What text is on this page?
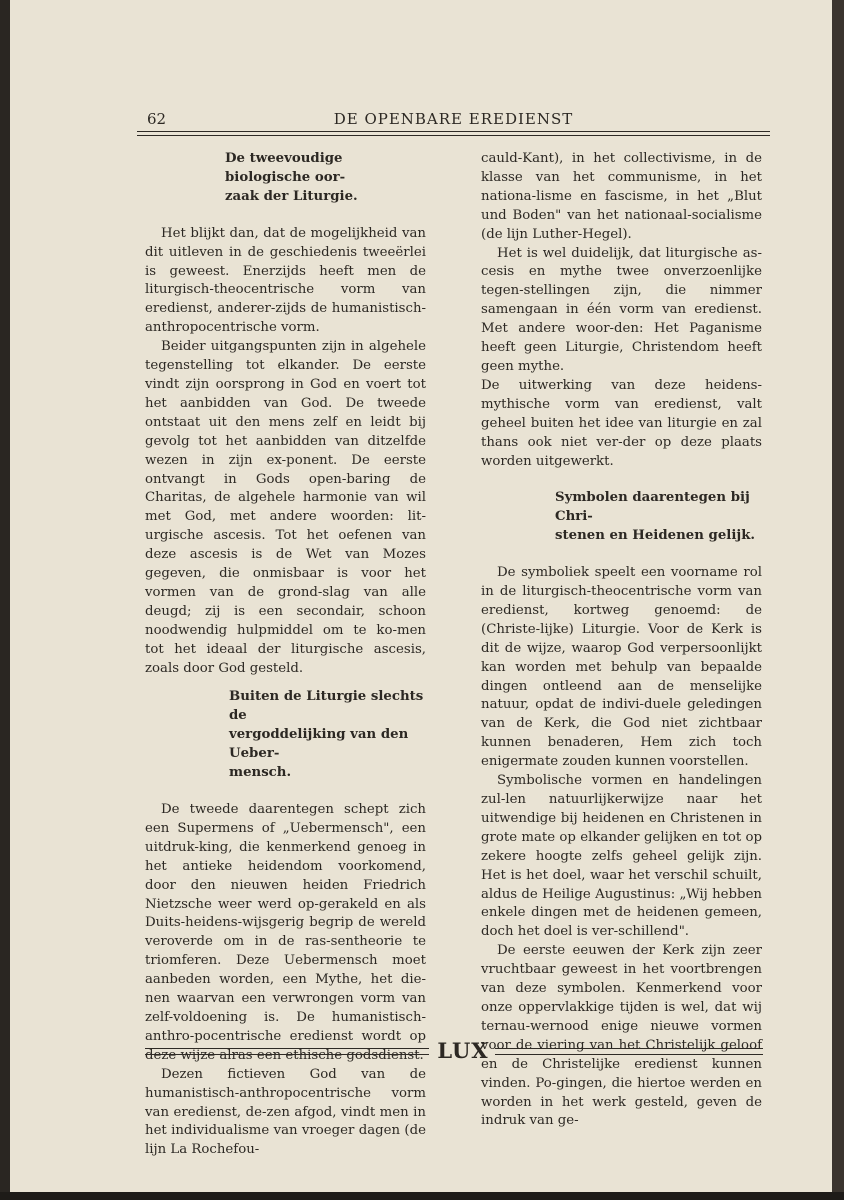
62	DE OPENBARE EREDIENST
De tweevoudige biologische oor-
zaak der Liturgie.

Het blijkt dan, dat de mogelijkheid van dit uitleven in de geschiedenis tweeërlei is geweest. Enerzijds heeft men de liturgisch-theocentrische vorm van eredienst, anderer-zijds de humanistisch-anthropocentrische vorm.

Beider uitgangspunten zijn in algehele tegenstelling tot elkander. De eerste vindt zijn oorsprong in God en voert tot het aanbidden van God. De tweede ontstaat uit den mens zelf en leidt bij gevolg tot het aanbidden van ditzelfde wezen in zijn ex-ponent. De eerste ontvangt in Gods open-baring de Charitas, de algehele harmonie van wil met God, met andere woorden: lit-urgische ascesis. Tot het oefenen van deze ascesis is de Wet van Mozes gegeven, die onmisbaar is voor het vormen van de grond-slag van alle deugd; zij is een secondair, schoon noodwendig hulpmiddel om te ko-men tot het ideaal der liturgische ascesis, zoals door God gesteld.

Buiten de Liturgie slechts de
vergoddelijking van den Ueber-
mensch.

De tweede daarentegen schept zich een Supermens of „Uebermensch", een uitdruk-king, die kenmerkend genoeg in het antieke heidendom voorkomend, door den nieuwen heiden Friedrich Nietzsche weer werd op-gerakeld en als Duits-heidens-wijsgerig begrip de wereld veroverde om in de ras-sentheorie te triomferen. Deze Uebermensch moet aanbeden worden, een Mythe, het die-nen waarvan een verwrongen vorm van zelf-voldoening is. De humanistisch-anthro-pocentrische eredienst wordt op deze wijze alras een ethische godsdienst.

Dezen fictieven God van de humanistisch-anthropocentrische vorm van eredienst, de-zen afgod, vindt men in het individualisme van vroeger dagen (de lijn La Rochefou-

cauld-Kant), in het collectivisme, in de klasse van het communisme, in het nationa-lisme en fascisme, in het „Blut und Boden" van het nationaal-socialisme (de lijn Luther-Hegel).

Het is wel duidelijk, dat liturgische as-cesis en mythe twee onverzoenlijke tegen-stellingen zijn, die nimmer samengaan in één vorm van eredienst. Met andere woor-den: Het Paganisme heeft geen Liturgie, Christendom heeft geen mythe.

De uitwerking van deze heidens-mythische vorm van eredienst, valt geheel buiten het idee van liturgie en zal thans ook niet ver-der op deze plaats worden uitgewerkt.

Symbolen daarentegen bij Chri-
stenen en Heidenen gelijk.

De symboliek speelt een voorname rol in de liturgisch-theocentrische vorm van eredienst, kortweg genoemd: de (Christe-lijke) Liturgie. Voor de Kerk is dit de wijze, waarop God verpersoonlijkt kan worden met behulp van bepaalde dingen ontleend aan de menselijke natuur, opdat de indivi-duele geledingen van de Kerk, die God niet zichtbaar kunnen benaderen, Hem zich toch enigermate zouden kunnen voorstellen.

Symbolische vormen en handelingen zul-len natuurlijkerwijze naar het uitwendige bij heidenen en Christenen in grote mate op elkander gelijken en tot op zekere hoogte zelfs geheel gelijk zijn. Het is het doel, waar het verschil schuilt, aldus de Heilige Augustinus: „Wij hebben enkele dingen met de heidenen gemeen, doch het doel is ver-schillend".

De eerste eeuwen der Kerk zijn zeer vruchtbaar geweest in het voortbrengen van deze symbolen. Kenmerkend voor onze oppervlakkige tijden is wel, dat wij ternau-wernood enige nieuwe vormen voor de viering van het Christelijk geloof en de Christelijke eredienst kunnen vinden. Po-gingen, die hiertoe werden en worden in het werk gesteld, geven de indruk van ge-

LUX
